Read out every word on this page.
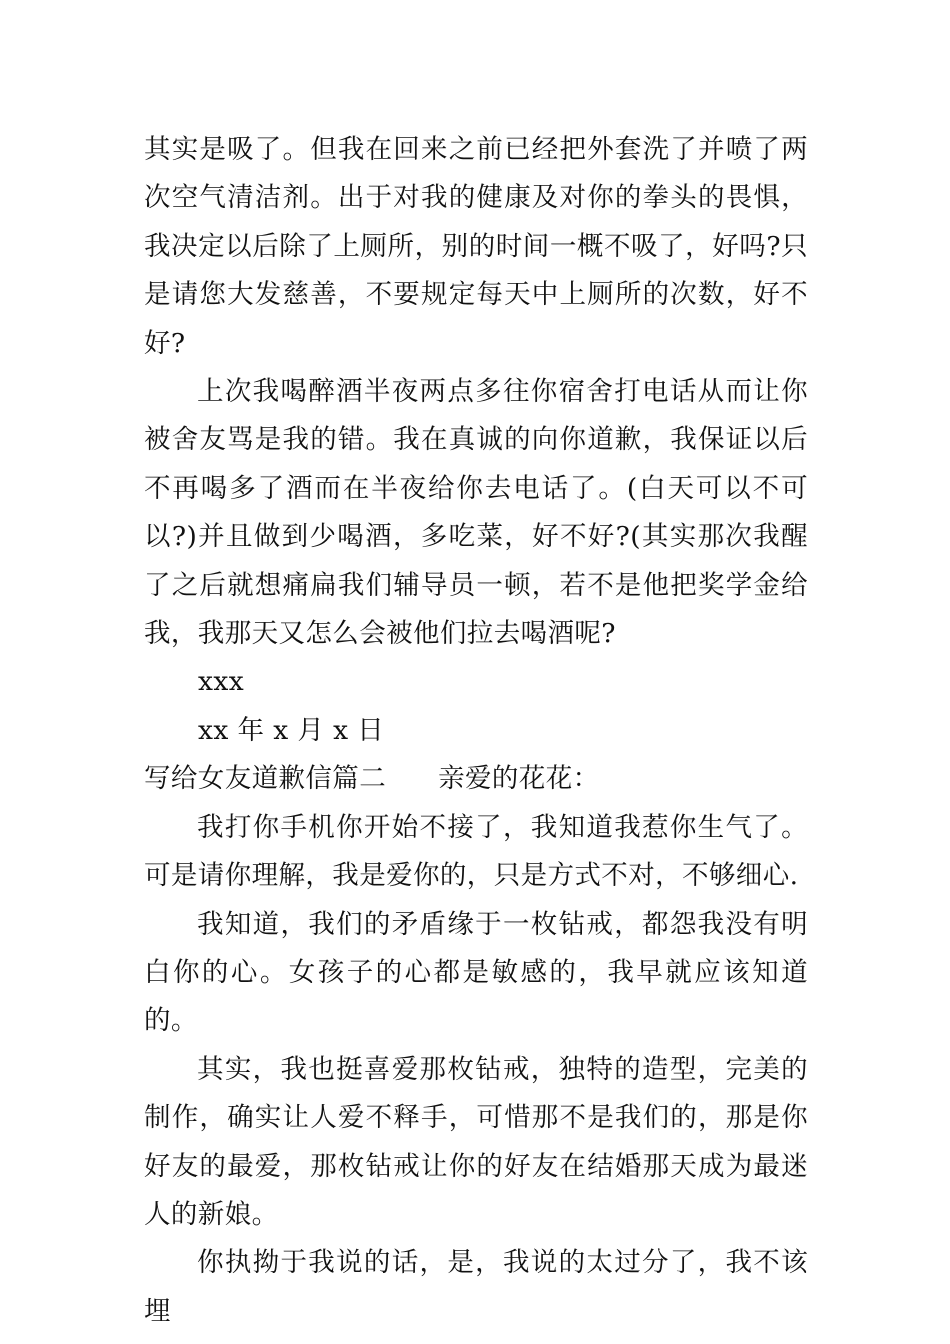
其实是吸了。但我在回来之前已经把外套洗了并喷了两次空气清洁剂。出于对我的健康及对你的拳头的畏惧，我决定以后除了上厕所，别的时间一概不吸了，好吗?只是请您大发慈善，不要规定每天中上厕所的次数，好不好?

上次我喝醉酒半夜两点多往你宿舍打电话从而让你被舍友骂是我的错。我在真诚的向你道歉，我保证以后不再喝多了酒而在半夜给你去电话了。(白天可以不可以?)并且做到少喝酒，多吃菜，好不好?(其实那次我醒了之后就想痛扁我们辅导员一顿，若不是他把奖学金给我，我那天又怎么会被他们拉去喝酒呢?

xxx

xx 年 x 月 x 日

写给女友道歉信篇二 亲爱的花花：

我打你手机你开始不接了，我知道我惹你生气了。可是请你理解，我是爱你的，只是方式不对，不够细心.

我知道，我们的矛盾缘于一枚钻戒，都怨我没有明白你的心。女孩子的心都是敏感的，我早就应该知道的。

其实，我也挺喜爱那枚钻戒，独特的造型，完美的制作，确实让人爱不释手，可惜那不是我们的，那是你好友的最爱，那枚钻戒让你的好友在结婚那天成为最迷人的新娘。

你执拗于我说的话，是，我说的太过分了，我不该埋
